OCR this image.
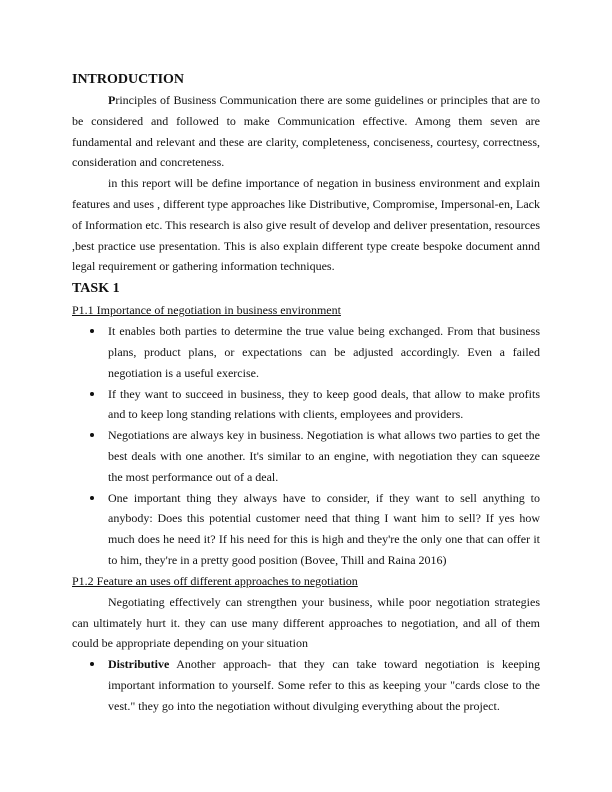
INTRODUCTION

Principles of Business Communication there are some guidelines or principles that are to be considered and followed to make Communication effective. Among them seven are fundamental and relevant and these are clarity, completeness, conciseness, courtesy, correctness, consideration and concreteness.

in this report will be define importance of negation in business environment and explain features and uses , different type approaches like Distributive, Compromise, Impersonal-en, Lack of Information etc. This research is also give result of develop and deliver presentation, resources ,best practice use presentation. This is also explain different type create bespoke document annd legal requirement or gathering information techniques.

TASK 1

P1.1 Importance of negotiation in business environment

It enables both parties to determine the true value being exchanged. From that business plans, product plans, or expectations can be adjusted accordingly. Even a failed negotiation is a useful exercise.
If they want to succeed in business, they to keep good deals, that allow to make profits and to keep long standing relations with clients, employees and providers.
Negotiations are always key in business. Negotiation is what allows two parties to get the best deals with one another. It's similar to an engine, with negotiation they can squeeze the most performance out of a deal.
One important thing they always have to consider, if they want to sell anything to anybody: Does this potential customer need that thing I want him to sell? If yes how much does he need it? If his need for this is high and they're the only one that can offer it to him, they're in a pretty good position (Bovee, Thill and Raina 2016)

P1.2 Feature an uses off different approaches to negotiation

Negotiating effectively can strengthen your business, while poor negotiation strategies can ultimately hurt it. they can use many different approaches to negotiation, and all of them could be appropriate depending on your situation

Distributive Another approach- that they can take toward negotiation is keeping important information to yourself. Some refer to this as keeping your "cards close to the vest." they go into the negotiation without divulging everything about the project.
